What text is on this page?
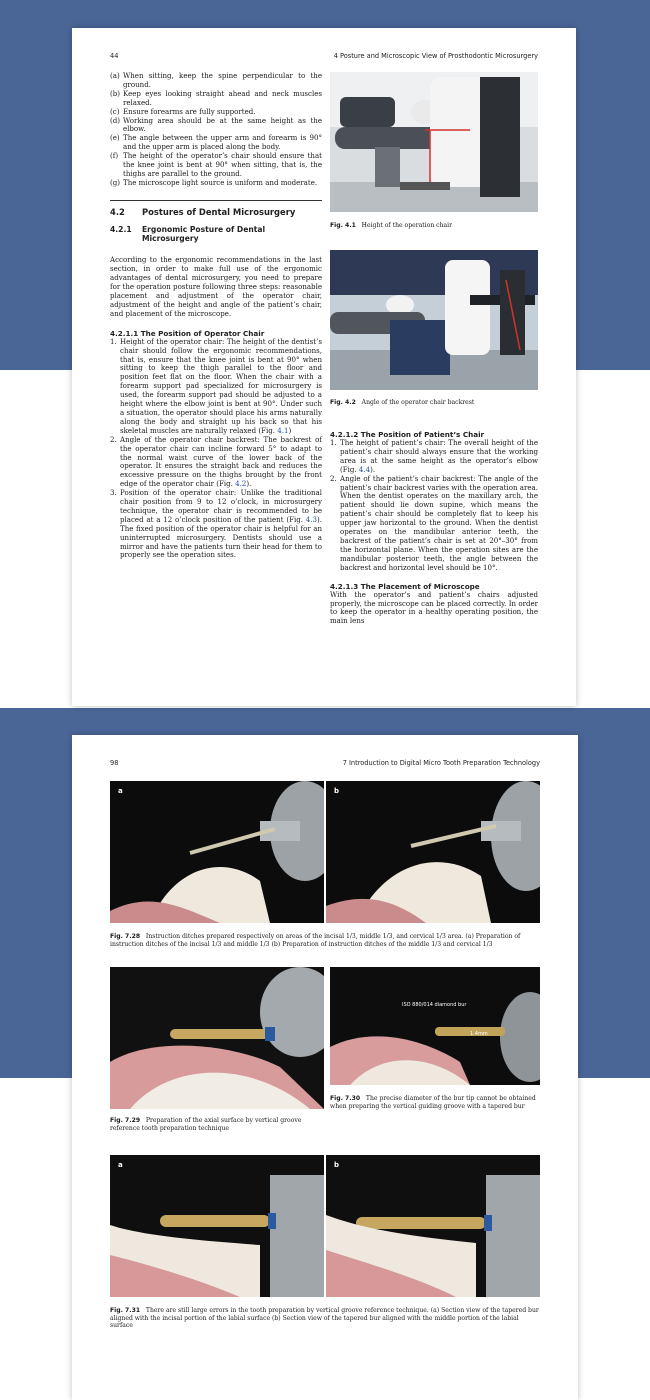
44	4 Posture and Microscopic View of Prosthodontic Microsurgery
(a) When sitting, keep the spine perpendicular to the ground.
(b) Keep eyes looking straight ahead and neck muscles relaxed.
(c) Ensure forearms are fully supported.
(d) Working area should be at the same height as the elbow.
(e) The angle between the upper arm and forearm is 90° and the upper arm is placed along the body.
(f) The height of the operator’s chair should ensure that the knee joint is bent at 90° when sitting, that is, the thighs are parallel to the ground.
(g) The microscope light source is uniform and moderate.
4.2 Postures of Dental Microsurgery
4.2.1 Ergonomic Posture of Dental Microsurgery

According to the ergonomic recommendations in the last section, in order to make full use of the ergonomic advantages of dental microsurgery, you need to prepare for the operation posture following three steps: reasonable placement and adjustment of the operator chair, adjustment of the height and angle of the patient’s chair, and placement of the microscope.

4.2.1.1 The Position of Operator Chair
1. Height of the operator chair: The height of the dentist’s chair should follow the ergonomic recommendations, that is, ensure that the knee joint is bent at 90° when sitting to keep the thigh parallel to the floor and position feet flat on the floor. When the chair with a forearm support pad specialized for microsurgery is used, the forearm support pad should be adjusted to a height where the elbow joint is bent at 90°. Under such a situation, the operator should place his arms naturally along the body and straight up his back so that his skeletal muscles are naturally relaxed (Fig. 4.1)
2. Angle of the operator chair backrest: The backrest of the operator chair can incline forward 5° to adapt to the normal waist curve of the lower back of the operator. It ensures the straight back and reduces the excessive pressure on the thighs brought by the front edge of the operator chair (Fig. 4.2).
3. Position of the operator chair: Unlike the traditional chair position from 9 to 12 o’clock, in microsurgery technique, the operator chair is recommended to be placed at a 12 o’clock position of the patient (Fig. 4.3). The fixed position of the operator chair is helpful for an uninterrupted microsurgery. Dentists should use a mirror and have the patients turn their head for them to properly see the operation sites.
Fig. 4.1 Height of the operation chair
Fig. 4.2 Angle of the operator chair backrest
4.2.1.2 The Position of Patient’s Chair
1. The height of patient’s chair: The overall height of the patient’s chair should always ensure that the working area is at the same height as the operator’s elbow (Fig. 4.4).
2. Angle of the patient’s chair backrest: The angle of the patient’s chair backrest varies with the operation area. When the dentist operates on the maxillary arch, the patient should lie down supine, which means the patient’s chair should be completely flat to keep his upper jaw horizontal to the ground. When the dentist operates on the mandibular anterior teeth, the backrest of the patient’s chair is set at 20°–30° from the horizontal plane. When the operation sites are the mandibular posterior teeth, the angle between the backrest and horizontal level should be 10°.
4.2.1.3 The Placement of Microscope

With the operator’s and patient’s chairs adjusted properly, the microscope can be placed correctly. In order to keep the operator in a healthy operating position, the main lens

98	7 Introduction to Digital Micro Tooth Preparation Technology
a	b
Fig. 7.28 Instruction ditches prepared respectively on areas of the incisal 1/3, middle 1/3, and cervical 1/3 area. (a) Preparation of instruction ditches of the incisal 1/3 and middle 1/3 (b) Preparation of instruction ditches of the middle 1/3 and cervical 1/3
Fig. 7.29 Preparation of the axial surface by vertical groove reference tooth preparation technique
ISO 880/014 diamond bur
1.4mm
Fig. 7.30 The precise diameter of the bur tip cannot be obtained when preparing the vertical guiding groove with a tapered bur
a	b
Fig. 7.31 There are still large errors in the tooth preparation by vertical groove reference technique. (a) Section view of the tapered bur aligned with the incisal portion of the labial surface (b) Section view of the tapered bur aligned with the middle portion of the labial surface
